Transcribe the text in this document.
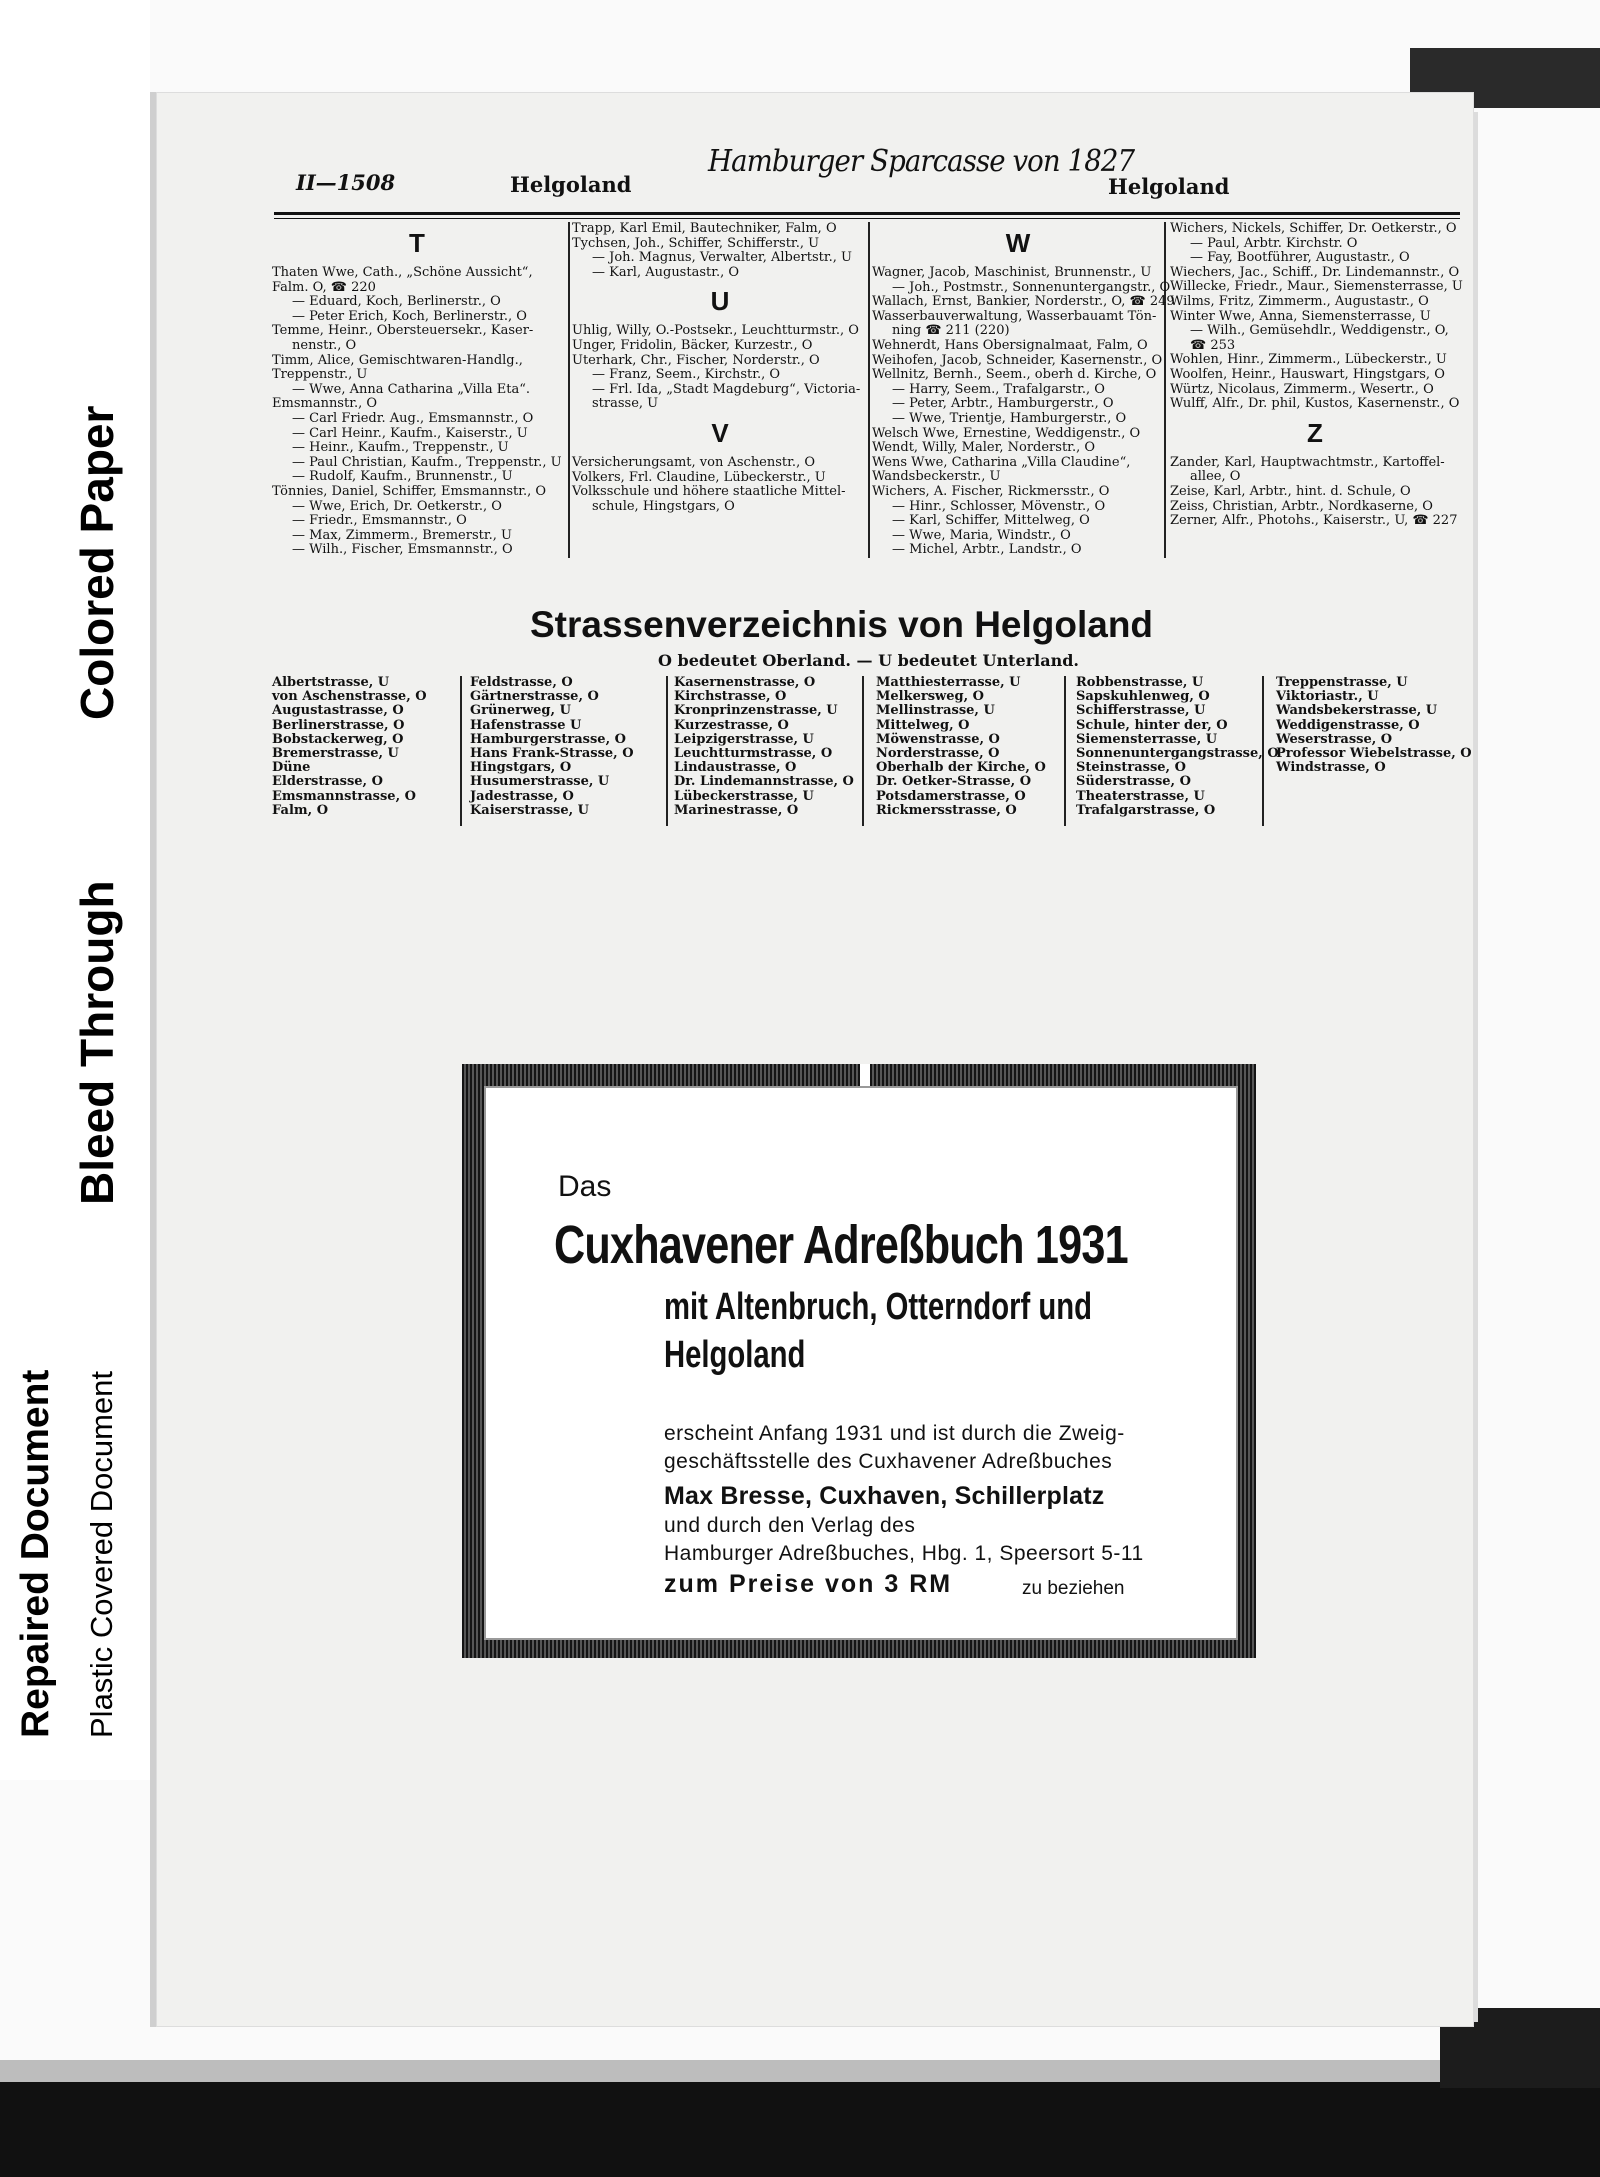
Colored Paper
Bleed Through
Repaired Document Plastic Covered Document
II—1508	Helgoland
Hamburger Sparcasse von 1827
Helgoland
T
Thaten Wwe, Cath., „Schöne Aussicht“,
Falm. O, ☎ 220
— Eduard, Koch, Berlinerstr., O
— Peter Erich, Koch, Berlinerstr., O
Temme, Heinr., Obersteuersekr., Kaser-
nenstr., O
Timm, Alice, Gemischtwaren-Handlg.,
Treppenstr., U
— Wwe, Anna Catharina „Villa Eta“.
Emsmannstr., O
— Carl Friedr. Aug., Emsmannstr., O
— Carl Heinr., Kaufm., Kaiserstr., U
— Heinr., Kaufm., Treppenstr., U
— Paul Christian, Kaufm., Treppenstr., U
— Rudolf, Kaufm., Brunnenstr., U
Tönnies, Daniel, Schiffer, Emsmannstr., O
— Wwe, Erich, Dr. Oetkerstr., O
— Friedr., Emsmannstr., O
— Max, Zimmerm., Bremerstr., U
— Wilh., Fischer, Emsmannstr., O
Trapp, Karl Emil, Bautechniker, Falm, O
Tychsen, Joh., Schiffer, Schifferstr., U
— Joh. Magnus, Verwalter, Albertstr., U
— Karl, Augustastr., O
U
Uhlig, Willy, O.-Postsekr., Leuchtturmstr., O
Unger, Fridolin, Bäcker, Kurzestr., O
Uterhark, Chr., Fischer, Norderstr., O
— Franz, Seem., Kirchstr., O
— Frl. Ida, „Stadt Magdeburg“, Victoria-
strasse, U
V
Versicherungsamt, von Aschenstr., O
Volkers, Frl. Claudine, Lübeckerstr., U
Volksschule und höhere staatliche Mittel-
schule, Hingstgars, O
W
Wagner, Jacob, Maschinist, Brunnenstr., U
— Joh., Postmstr., Sonnenuntergangstr., O
Wallach, Ernst, Bankier, Norderstr., O, ☎ 249
Wasserbauverwaltung, Wasserbauamt Tön-
ning ☎ 211 (220)
Wehnerdt, Hans Obersignalmaat, Falm, O
Weihofen, Jacob, Schneider, Kasernenstr., O
Wellnitz, Bernh., Seem., oberh d. Kirche, O
— Harry, Seem., Trafalgarstr., O
— Peter, Arbtr., Hamburgerstr., O
— Wwe, Trientje, Hamburgerstr., O
Welsch Wwe, Ernestine, Weddigenstr., O
Wendt, Willy, Maler, Norderstr., O
Wens Wwe, Catharina „Villa Claudine“,
Wandsbeckerstr., U
Wichers, A. Fischer, Rickmersstr., O
— Hinr., Schlosser, Mövenstr., O
— Karl, Schiffer, Mittelweg, O
— Wwe, Maria, Windstr., O
— Michel, Arbtr., Landstr., O
Wichers, Nickels, Schiffer, Dr. Oetkerstr., O
— Paul, Arbtr. Kirchstr. O
— Fay, Bootführer, Augustastr., O
Wiechers, Jac., Schiff., Dr. Lindemannstr., O
Willecke, Friedr., Maur., Siemensterrasse, U
Wilms, Fritz, Zimmerm., Augustastr., O
Winter Wwe, Anna, Siemensterrasse, U
— Wilh., Gemüsehdlr., Weddigenstr., O,
☎ 253
Wohlen, Hinr., Zimmerm., Lübeckerstr., U
Woolfen, Heinr., Hauswart, Hingstgars, O
Würtz, Nicolaus, Zimmerm., Wesertr., O
Wulff, Alfr., Dr. phil, Kustos, Kasernenstr., O
Z
Zander, Karl, Hauptwachtmstr., Kartoffel-
allee, O
Zeise, Karl, Arbtr., hint. d. Schule, O
Zeiss, Christian, Arbtr., Nordkaserne, O
Zerner, Alfr., Photohs., Kaiserstr., U, ☎ 227
Strassenverzeichnis von Helgoland
O bedeutet Oberland. — U bedeutet Unterland.
Albertstrasse, U
von Aschenstrasse, O
Augustastrasse, O
Berlinerstrasse, O
Bobstackerweg, O
Bremerstrasse, U
Düne
Elderstrasse, O
Emsmannstrasse, O
Falm, O
Feldstrasse, O
Gärtnerstrasse, O
Grünerweg, U
Hafenstrasse U
Hamburgerstrasse, O
Hans Frank-Strasse, O
Hingstgars, O
Husumerstrasse, U
Jadestrasse, O
Kaiserstrasse, U
Kasernenstrasse, O
Kirchstrasse, O
Kronprinzenstrasse, U
Kurzestrasse, O
Leipzigerstrasse, U
Leuchtturmstrasse, O
Lindaustrasse, O
Dr. Lindemannstrasse, O
Lübeckerstrasse, U
Marinestrasse, O
Matthiesterrasse, U
Melkersweg, O
Mellinstrasse, U
Mittelweg, O
Möwenstrasse, O
Norderstrasse, O
Oberhalb der Kirche, O
Dr. Oetker-Strasse, O
Potsdamerstrasse, O
Rickmersstrasse, O
Robbenstrasse, U
Sapskuhlenweg, O
Schifferstrasse, U
Schule, hinter der, O
Siemensterrasse, U
Sonnenuntergangstrasse, O
Steinstrasse, O
Süderstrasse, O
Theaterstrasse, U
Trafalgarstrasse, O
Treppenstrasse, U
Viktoriastr., U
Wandsbekerstrasse, U
Weddigenstrasse, O
Weserstrasse, O
Professor Wiebelstrasse, O
Windstrasse, O
Das
Cuxhavener Adreßbuch 1931
mit Altenbruch, Otterndorf und
Helgoland
erscheint Anfang 1931 und ist durch die Zweig-
geschäftsstelle des Cuxhavener Adreßbuches
Max Bresse, Cuxhaven, Schillerplatz
und durch den Verlag des
Hamburger Adreßbuches, Hbg. 1, Speersort 5-11
zum Preise von 3 RM	zu beziehen
